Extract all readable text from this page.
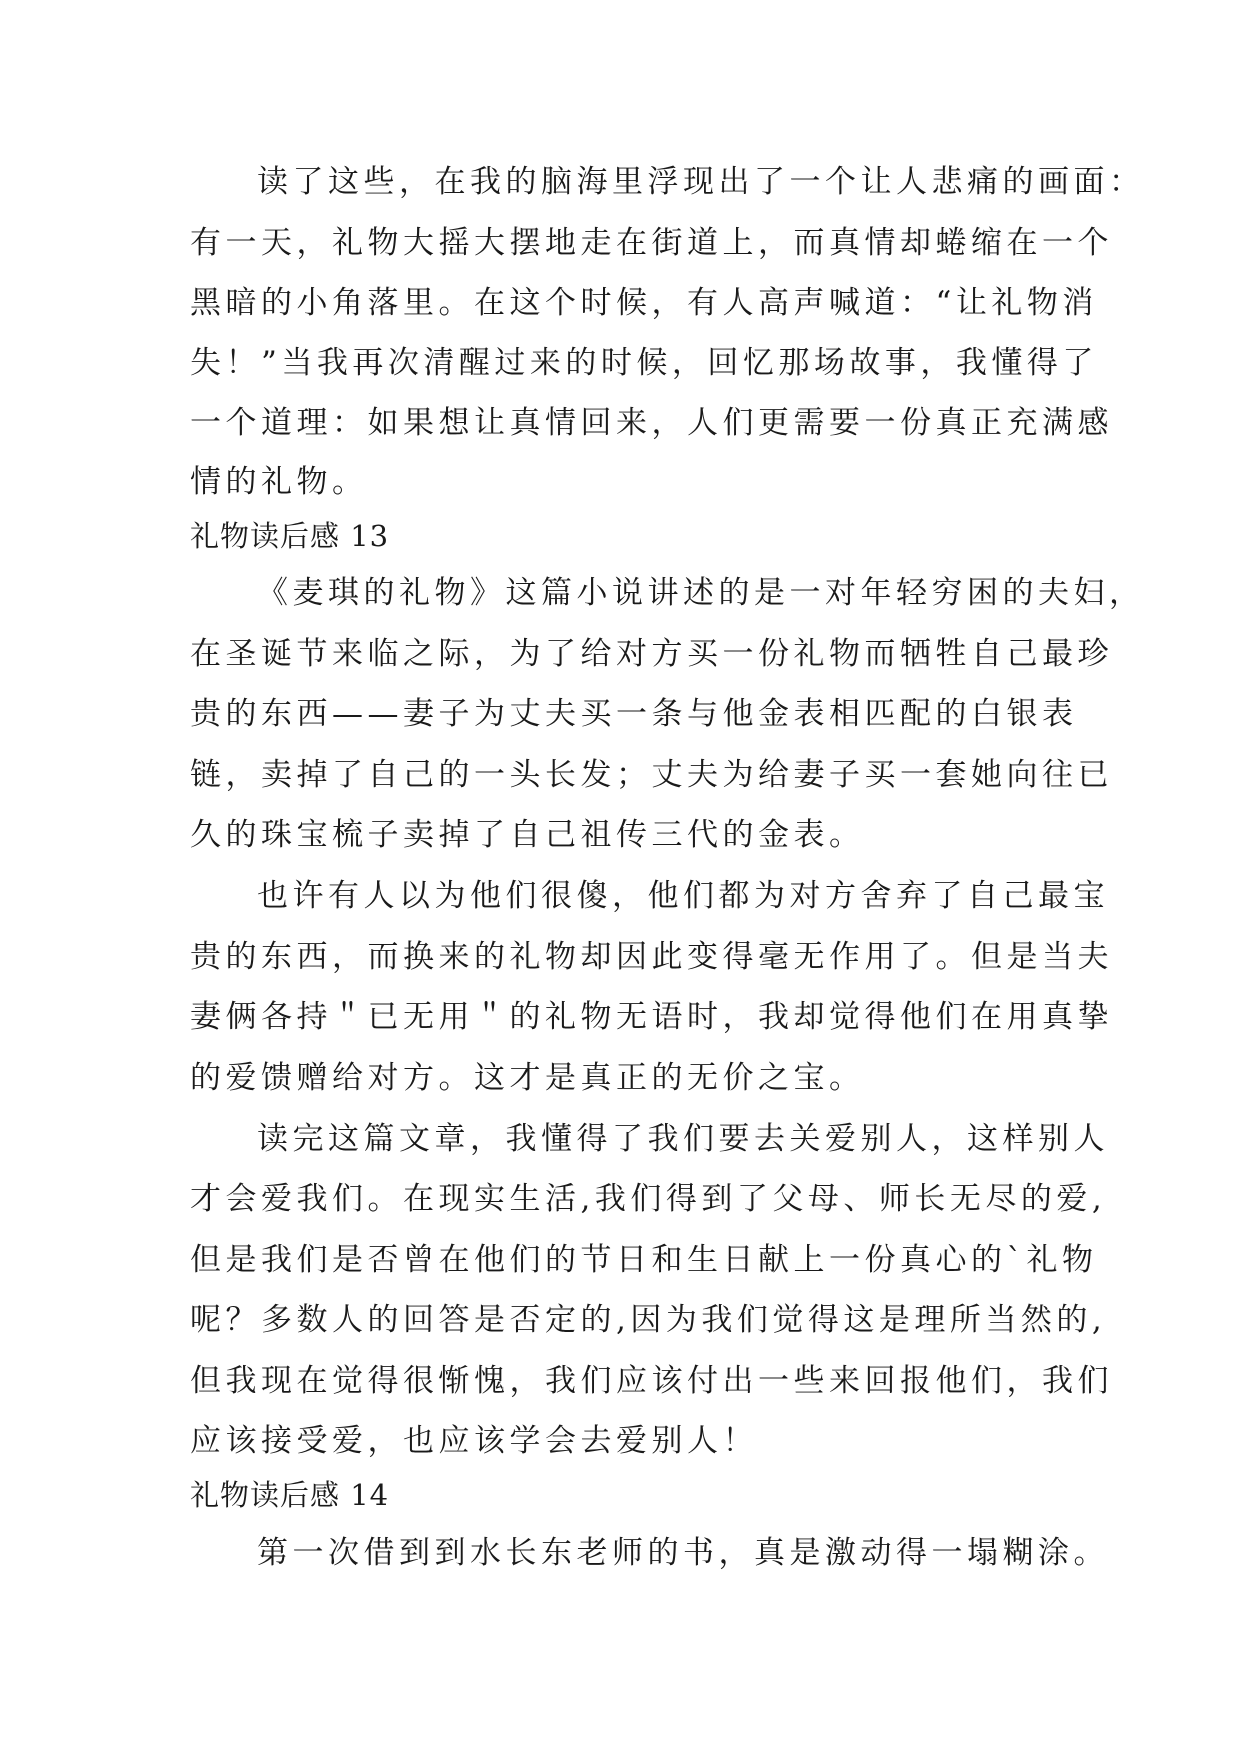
读了这些，在我的脑海里浮现出了一个让人悲痛的画面：
有一天，礼物大摇大摆地走在街道上，而真情却蜷缩在一个
黑暗的小角落里。在这个时候，有人高声喊道：“让礼物消
失！”当我再次清醒过来的时候，回忆那场故事，我懂得了
一个道理：如果想让真情回来，人们更需要一份真正充满感
情的礼物。
礼物读后感 13
《麦琪的礼物》这篇小说讲述的是一对年轻穷困的夫妇，
在圣诞节来临之际，为了给对方买一份礼物而牺牲自己最珍
贵的东西——妻子为丈夫买一条与他金表相匹配的白银表
链，卖掉了自己的一头长发；丈夫为给妻子买一套她向往已
久的珠宝梳子卖掉了自己祖传三代的金表。
也许有人以为他们很傻，他们都为对方舍弃了自己最宝
贵的东西，而换来的礼物却因此变得毫无作用了。但是当夫
妻俩各持＂已无用＂的礼物无语时，我却觉得他们在用真挚
的爱馈赠给对方。这才是真正的无价之宝。
读完这篇文章，我懂得了我们要去关爱别人，这样别人
才会爱我们。在现实生活,我们得到了父母、师长无尽的爱,
但是我们是否曾在他们的节日和生日献上一份真心的`礼物
呢？多数人的回答是否定的,因为我们觉得这是理所当然的,
但我现在觉得很惭愧，我们应该付出一些来回报他们，我们
应该接受爱，也应该学会去爱别人！
礼物读后感 14
第一次借到到水长东老师的书，真是激动得一塌糊涂。
